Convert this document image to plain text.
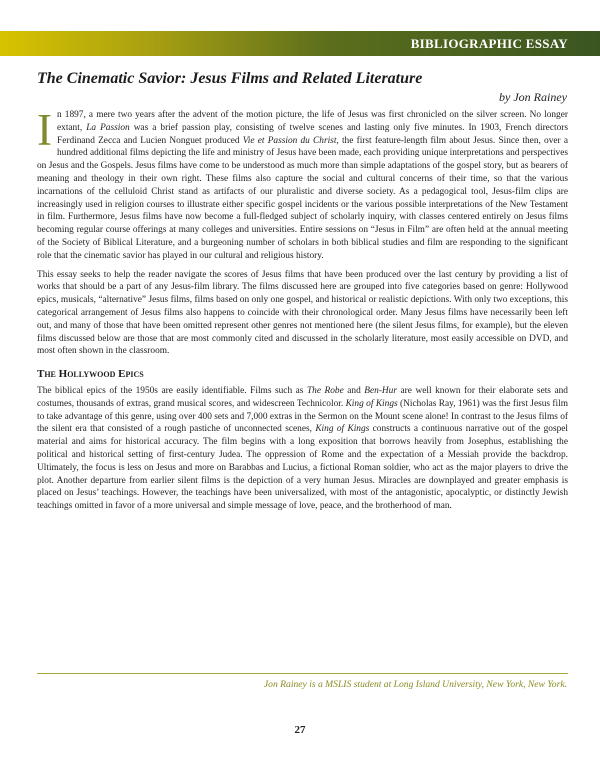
BIBLIOGRAPHIC ESSAY
The Cinematic Savior: Jesus Films and Related Literature
by Jon Rainey

In 1897, a mere two years after the advent of the motion picture, the life of Jesus was first chronicled on the silver screen. No longer extant, La Passion was a brief passion play, consisting of twelve scenes and lasting only five minutes. In 1903, French directors Ferdinand Zecca and Lucien Nonguet produced Vie et Passion du Christ, the first feature-length film about Jesus. Since then, over a hundred additional films depicting the life and ministry of Jesus have been made, each providing unique interpretations and perspectives on Jesus and the Gospels. Jesus films have come to be understood as much more than simple adaptations of the gospel story, but as bearers of meaning and theology in their own right. These films also capture the social and cultural concerns of their time, so that the various incarnations of the celluloid Christ stand as artifacts of our pluralistic and diverse society. As a pedagogical tool, Jesus-film clips are increasingly used in religion courses to illustrate either specific gospel incidents or the various possible interpretations of the New Testament in film. Furthermore, Jesus films have now become a full-fledged subject of scholarly inquiry, with classes centered entirely on Jesus films becoming regular course offerings at many colleges and universities. Entire sessions on “Jesus in Film” are often held at the annual meeting of the Society of Biblical Literature, and a burgeoning number of scholars in both biblical studies and film are responding to the significant role that the cinematic savior has played in our cultural and religious history.

This essay seeks to help the reader navigate the scores of Jesus films that have been produced over the last century by providing a list of works that should be a part of any Jesus-film library. The films discussed here are grouped into five categories based on genre: Hollywood epics, musicals, “alternative” Jesus films, films based on only one gospel, and historical or realistic depictions. With only two exceptions, this categorical arrangement of Jesus films also happens to coincide with their chronological order. Many Jesus films have necessarily been left out, and many of those that have been omitted represent other genres not mentioned here (the silent Jesus films, for example), but the eleven films discussed below are those that are most commonly cited and discussed in the scholarly literature, most easily accessible on DVD, and most often shown in the classroom.

The Hollywood Epics

The biblical epics of the 1950s are easily identifiable. Films such as The Robe and Ben-Hur are well known for their elaborate sets and costumes, thousands of extras, grand musical scores, and widescreen Technicolor. King of Kings (Nicholas Ray, 1961) was the first Jesus film to take advantage of this genre, using over 400 sets and 7,000 extras in the Sermon on the Mount scene alone! In contrast to the Jesus films of the silent era that consisted of a rough pastiche of unconnected scenes, King of Kings constructs a continuous narrative out of the gospel material and aims for historical accuracy. The film begins with a long exposition that borrows heavily from Josephus, establishing the political and historical setting of first-century Judea. The oppression of Rome and the expectation of a Messiah provide the backdrop. Ultimately, the focus is less on Jesus and more on Barabbas and Lucius, a fictional Roman soldier, who act as the major players to drive the plot. Another departure from earlier silent films is the depiction of a very human Jesus. Miracles are downplayed and greater emphasis is placed on Jesus’ teachings. However, the teachings have been universalized, with most of the antagonistic, apocalyptic, or distinctly Jewish teachings omitted in favor of a more universal and simple message of love, peace, and the brotherhood of man.

Jon Rainey is a MSLIS student at Long Island University, New York, New York.
27
